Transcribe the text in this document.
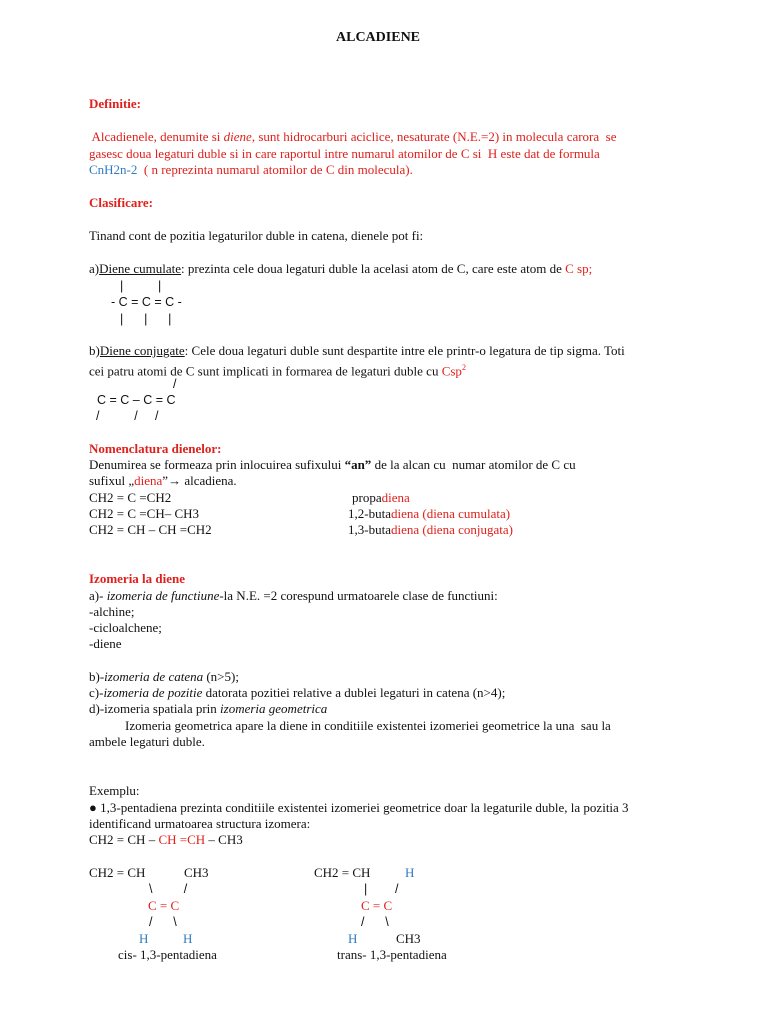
ALCADIENE
Definitie:
Alcadienele, denumite si diene, sunt hidrocarburi aciclice, nesaturate (N.E.=2) in molecula carora  se
gasesc doua legaturi duble si in care raportul intre numarul atomilor de C si  H este dat de formula
CnH2n-2  ( n reprezinta numarul atomilor de C din molecula).
Clasificare:
Tinand cont de pozitia legaturilor duble in catena, dienele pot fi:
a)Diene cumulate: prezinta cele doua legaturi duble la acelasi atom de C, care este atom de C sp;
|          |
- C = C = C -
|      |      |
b)Diene conjugate: Cele doua legaturi duble sunt despartite intre ele printr-o legatura de tip sigma. Toti
cei patru atomi de C sunt implicati in formarea de legaturi duble cu Csp$^2$
/
C = C – C = C
/          /     /
Nomenclatura dienelor:
Denumirea se formeaza prin inlocuirea sufixului “an” de la alcan cu  numar atomilor de C cu
sufixul „diena”→ alcadiena.
CH2 = C =CH2	propadiena
CH2 = C =CH– CH3	1,2-butadiena (diena cumulata)
CH2 = CH – CH =CH2	1,3-butadiena (diena conjugata)
Izomeria la diene
a)- izomeria de functiune-la N.E. =2 corespund urmatoarele clase de functiuni:
-alchine;
-cicloalchene;
-diene
b)-izomeria de catena (n>5);
c)-izomeria de pozitie datorata pozitiei relative a dublei legaturi in catena (n>4);
d)-izomeria spatiala prin izomeria geometrica
Izomeria geometrica apare la diene in conditiile existentei izomeriei geometrice la una  sau la
ambele legaturi duble.
Exemplu:
● 1,3-pentadiena prezinta conditiile existentei izomeriei geometrice doar la legaturile duble, la pozitia 3
identificand urmatoarea structura izomera:
CH2 = CH – CH =CH – CH3
CH2 = CH	CH3
\         /
C = C
/      \
H	H
cis- 1,3-pentadiena
CH2 = CH	H
|        /
C = C
/      \
H	CH3
trans- 1,3-pentadiena
